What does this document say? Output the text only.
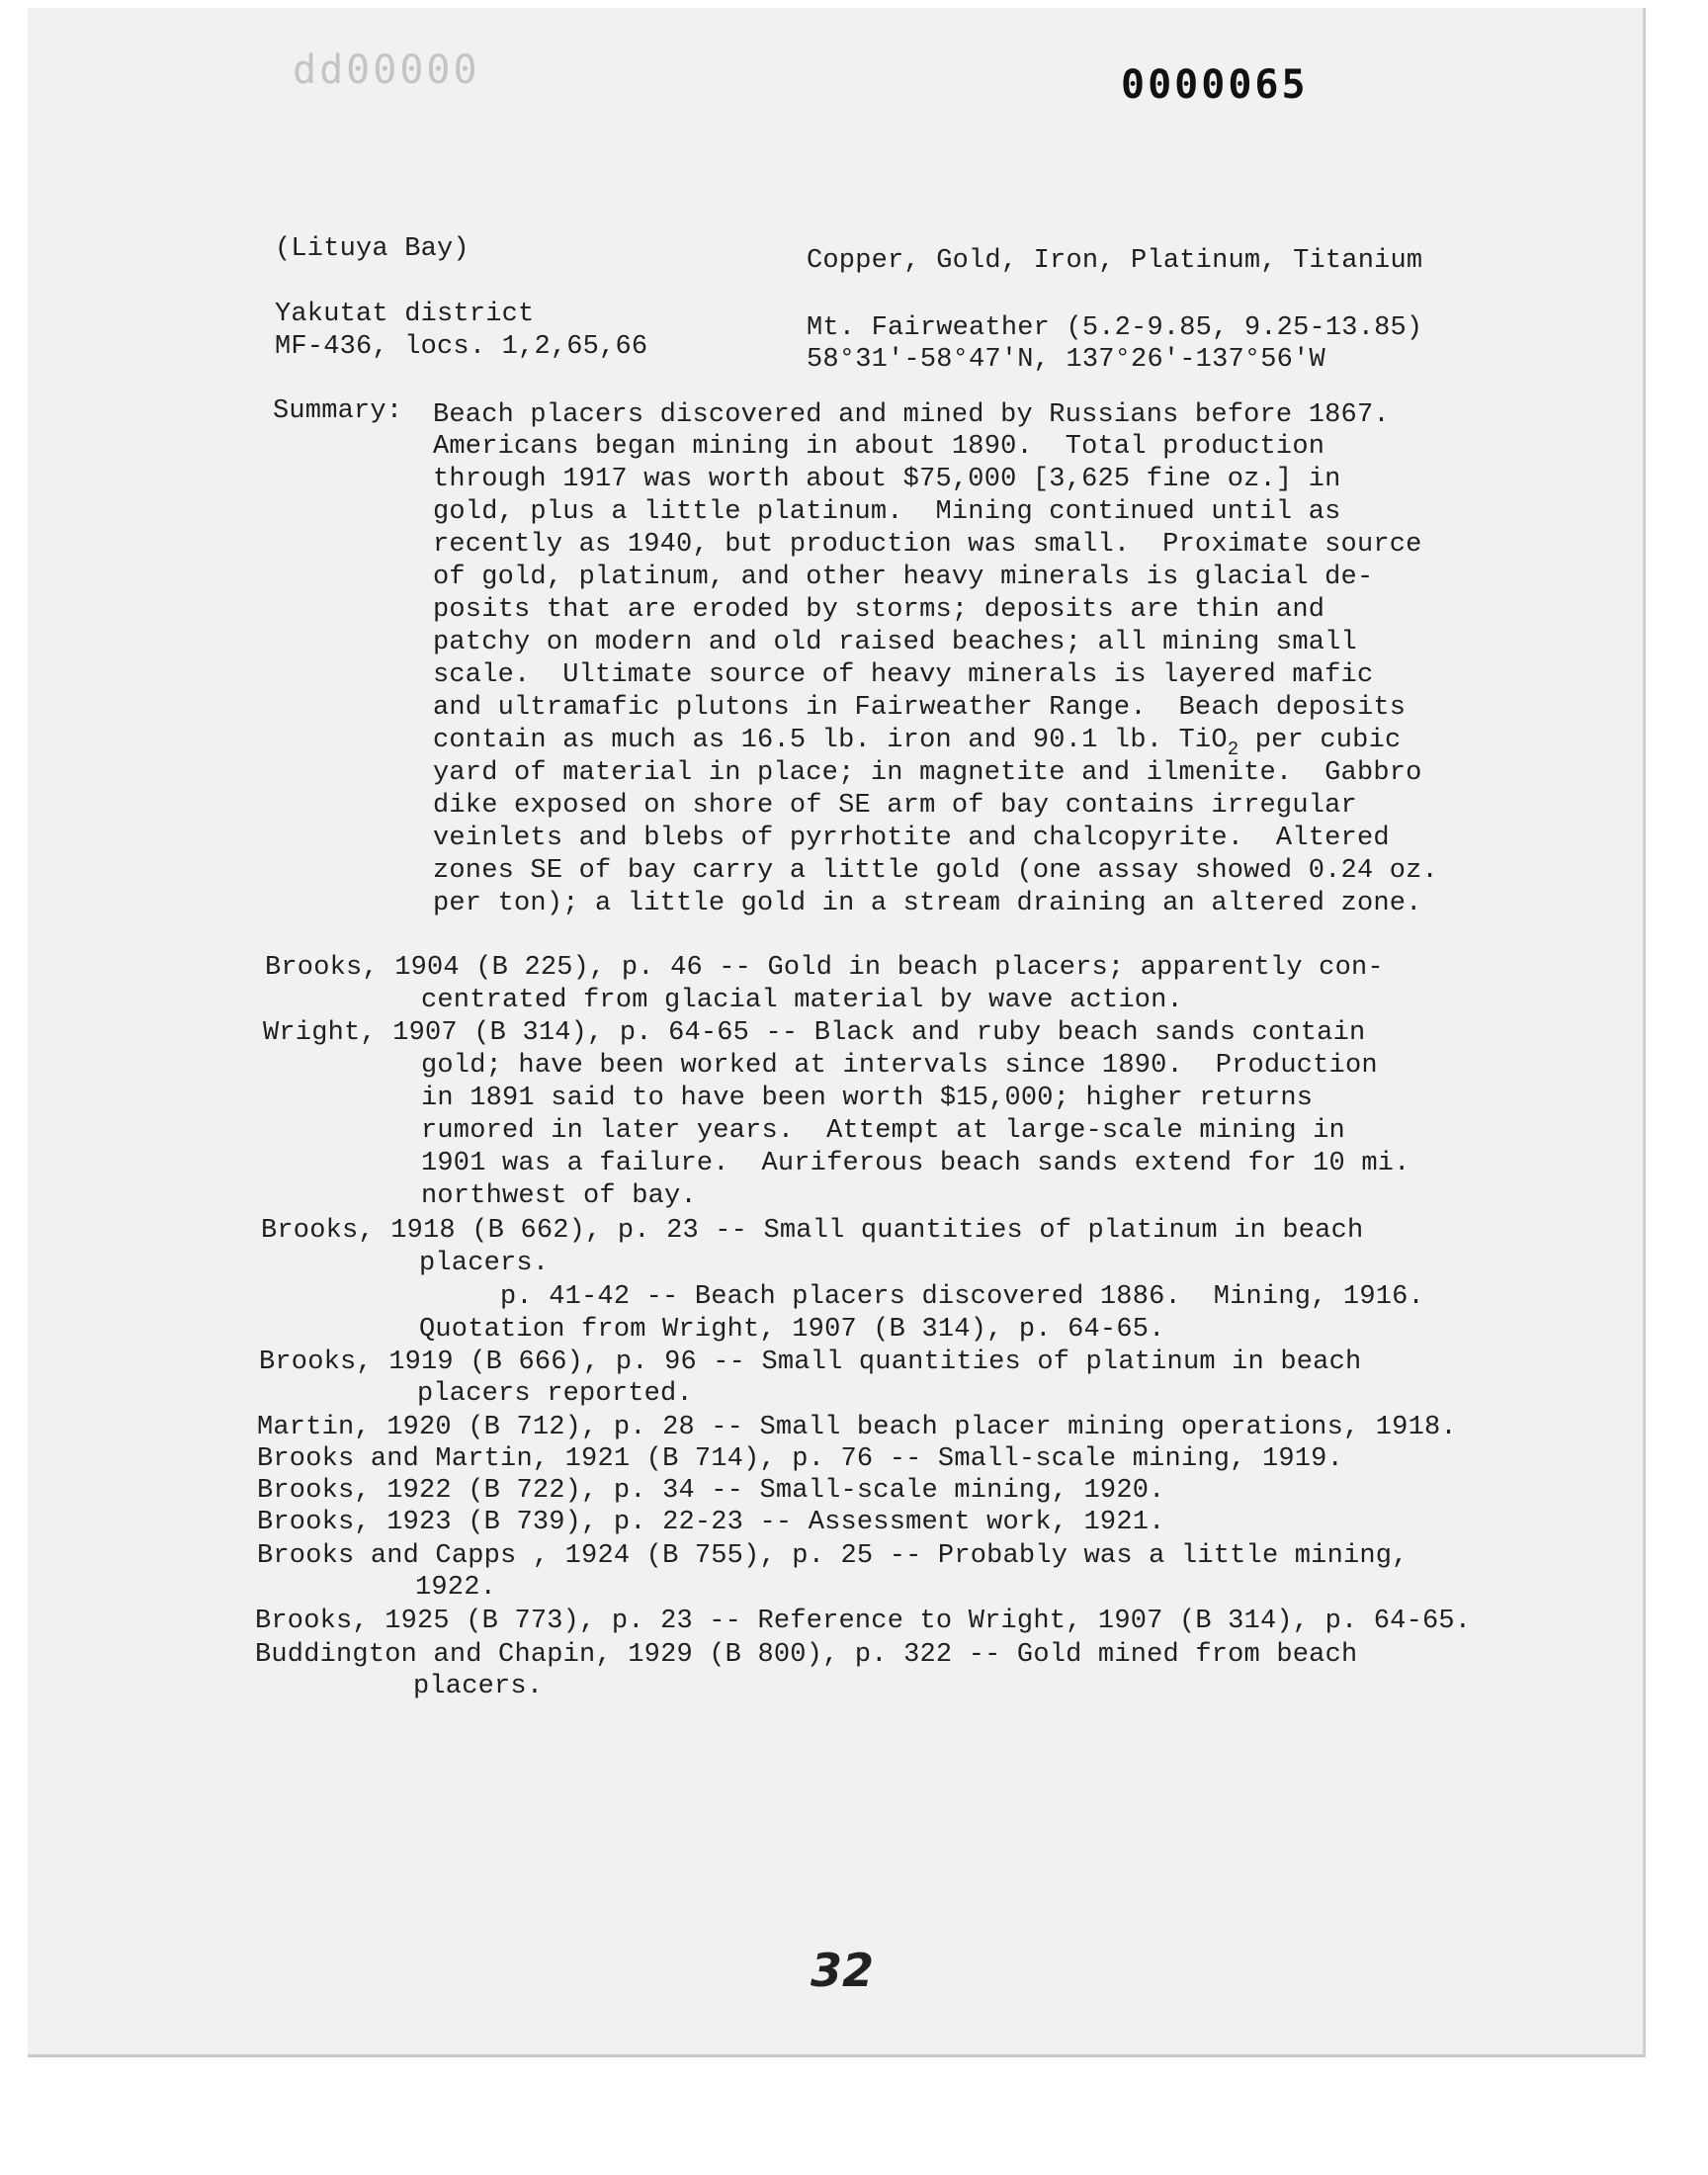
dd00000	0000065
(Lituya Bay)	Copper, Gold, Iron, Platinum, Titanium
Yakutat district	Mt. Fairweather (5.2-9.85, 9.25-13.85)
MF-436, locs. 1,2,65,66	58°31'-58°47'N, 137°26'-137°56'W
Summary: Beach placers discovered and mined by Russians before 1867.
Americans began mining in about 1890.  Total production
through 1917 was worth about $75,000 [3,625 fine oz.] in
gold, plus a little platinum.  Mining continued until as
recently as 1940, but production was small.  Proximate source
of gold, platinum, and other heavy minerals is glacial de-
posits that are eroded by storms; deposits are thin and
patchy on modern and old raised beaches; all mining small
scale.  Ultimate source of heavy minerals is layered mafic
and ultramafic plutons in Fairweather Range.  Beach deposits
contain as much as 16.5 lb. iron and 90.1 lb. TiO$_2$ per cubic
yard of material in place; in magnetite and ilmenite.  Gabbro
dike exposed on shore of SE arm of bay contains irregular
veinlets and blebs of pyrrhotite and chalcopyrite.  Altered
zones SE of bay carry a little gold (one assay showed 0.24 oz.
per ton); a little gold in a stream draining an altered zone.
Brooks, 1904 (B 225), p. 46 -- Gold in beach placers; apparently con-
centrated from glacial material by wave action.
Wright, 1907 (B 314), p. 64-65 -- Black and ruby beach sands contain
gold; have been worked at intervals since 1890.  Production
in 1891 said to have been worth $15,000; higher returns
rumored in later years.  Attempt at large-scale mining in
1901 was a failure.  Auriferous beach sands extend for 10 mi.
northwest of bay.
Brooks, 1918 (B 662), p. 23 -- Small quantities of platinum in beach
placers.
p. 41-42 -- Beach placers discovered 1886.  Mining, 1916.
Quotation from Wright, 1907 (B 314), p. 64-65.
Brooks, 1919 (B 666), p. 96 -- Small quantities of platinum in beach
placers reported.
Martin, 1920 (B 712), p. 28 -- Small beach placer mining operations, 1918.
Brooks and Martin, 1921 (B 714), p. 76 -- Small-scale mining, 1919.
Brooks, 1922 (B 722), p. 34 -- Small-scale mining, 1920.
Brooks, 1923 (B 739), p. 22-23 -- Assessment work, 1921.
Brooks and Capps , 1924 (B 755), p. 25 -- Probably was a little mining,
1922.
Brooks, 1925 (B 773), p. 23 -- Reference to Wright, 1907 (B 314), p. 64-65.
Buddington and Chapin, 1929 (B 800), p. 322 -- Gold mined from beach
placers.
32
